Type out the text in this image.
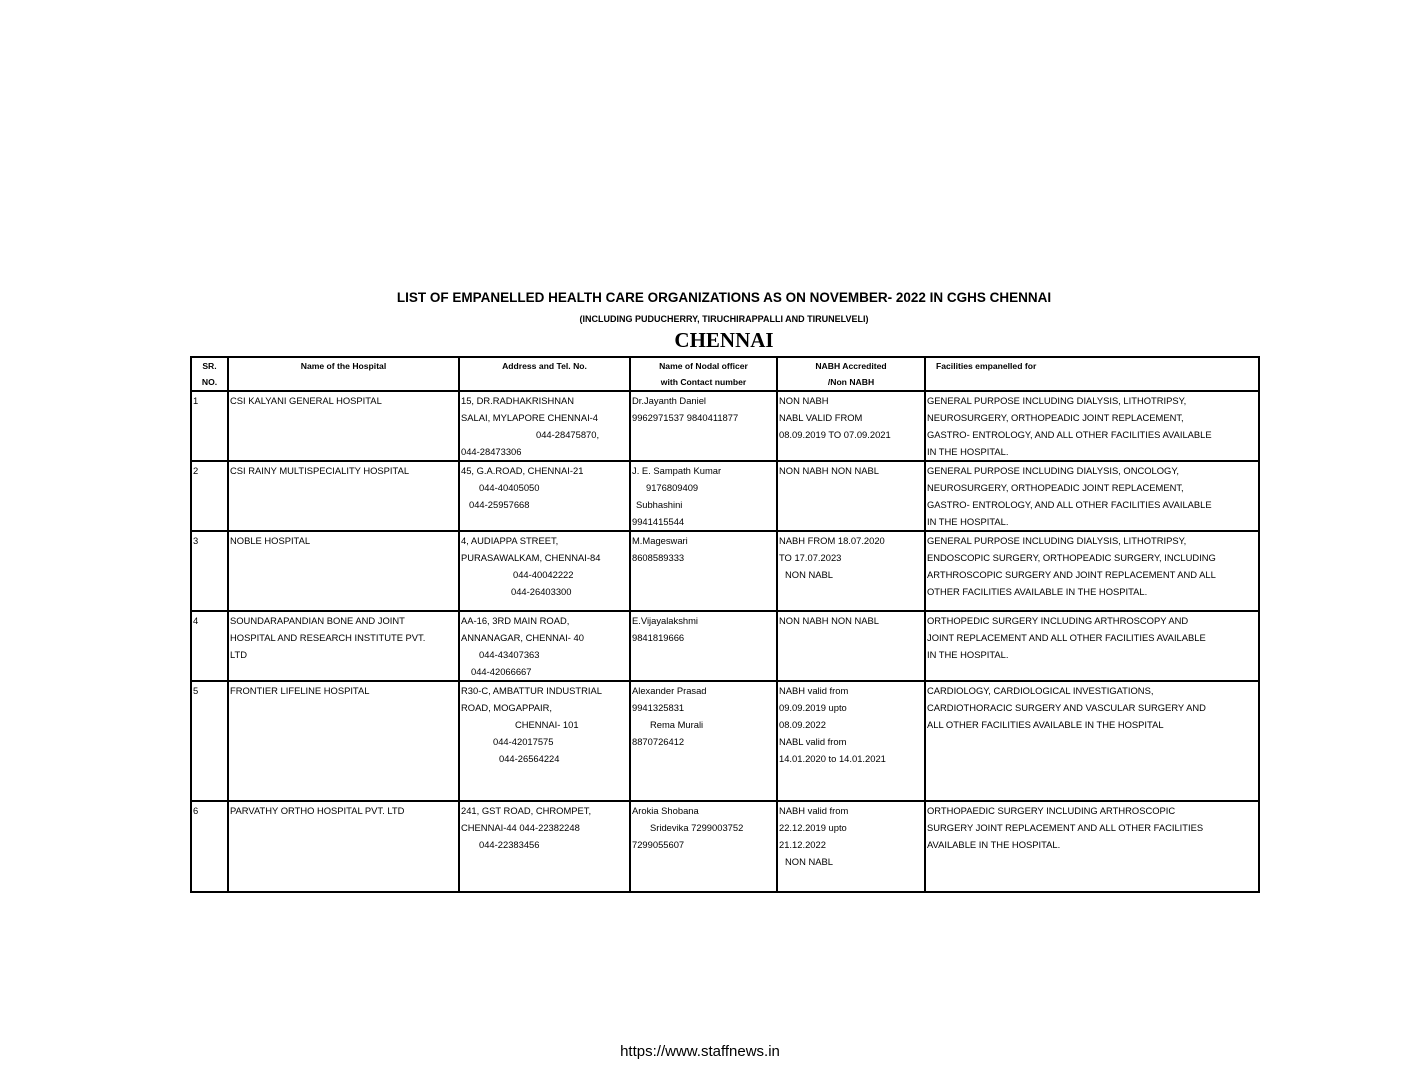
LIST OF EMPANELLED HEALTH CARE ORGANIZATIONS AS ON NOVEMBER- 2022 IN CGHS CHENNAI
(INCLUDING PUDUCHERRY, TIRUCHIRAPPALLI AND TIRUNELVELI)
CHENNAI
SR.
NO.	Name of the Hospital	Address and Tel. No.	Name of Nodal officer
with Contact number	NABH Accredited
/Non NABH	Facilities empanelled for

1	CSI KALYANI GENERAL HOSPITAL	15, DR.RADHAKRISHNAN
SALAI, MYLAPORE CHENNAI-4
044-28475870,
044-28473306	Dr.Jayanth Daniel
9962971537 9840411877	NON NABH
NABL VALID FROM
08.09.2019 TO 07.09.2021	GENERAL PURPOSE INCLUDING DIALYSIS, LITHOTRIPSY,
NEUROSURGERY, ORTHOPEADIC JOINT REPLACEMENT,
GASTRO- ENTROLOGY, AND ALL OTHER FACILITIES AVAILABLE
IN THE HOSPITAL.

2	CSI RAINY MULTISPECIALITY HOSPITAL	45, G.A.ROAD, CHENNAI-21
044-40405050
044-25957668	J. E. Sampath Kumar
9176809409
Subhashini
9941415544	NON NABH NON NABL	GENERAL PURPOSE INCLUDING DIALYSIS, ONCOLOGY,
NEUROSURGERY, ORTHOPEADIC JOINT REPLACEMENT,
GASTRO- ENTROLOGY, AND ALL OTHER FACILITIES AVAILABLE
IN THE HOSPITAL.

3	NOBLE HOSPITAL	4, AUDIAPPA STREET,
PURASAWALKAM, CHENNAI-84
044-40042222
044-26403300	M.Mageswari
8608589333	NABH FROM 18.07.2020
TO 17.07.2023
NON NABL	GENERAL PURPOSE INCLUDING DIALYSIS, LITHOTRIPSY,
ENDOSCOPIC SURGERY, ORTHOPEADIC SURGERY, INCLUDING
ARTHROSCOPIC SURGERY AND JOINT REPLACEMENT AND ALL
OTHER FACILITIES AVAILABLE IN THE HOSPITAL.

4	SOUNDARAPANDIAN BONE AND JOINT
HOSPITAL AND RESEARCH INSTITUTE PVT.
LTD	AA-16, 3RD MAIN ROAD,
ANNANAGAR, CHENNAI- 40
044-43407363
044-42066667	E.Vijayalakshmi
9841819666	NON NABH NON NABL	ORTHOPEDIC SURGERY INCLUDING ARTHROSCOPY AND
JOINT REPLACEMENT AND ALL OTHER FACILITIES AVAILABLE
IN THE HOSPITAL.

5	FRONTIER LIFELINE HOSPITAL	R30-C, AMBATTUR INDUSTRIAL
ROAD, MOGAPPAIR,
CHENNAI- 101
044-42017575
044-26564224	Alexander Prasad
9941325831
Rema Murali
8870726412	NABH valid from
09.09.2019 upto
08.09.2022
NABL valid from
14.01.2020 to 14.01.2021	CARDIOLOGY, CARDIOLOGICAL INVESTIGATIONS,
CARDIOTHORACIC SURGERY AND VASCULAR SURGERY AND
ALL OTHER FACILITIES AVAILABLE IN THE HOSPITAL

6	PARVATHY ORTHO HOSPITAL PVT. LTD	241, GST ROAD, CHROMPET,
CHENNAI-44 044-22382248
044-22383456	Arokia Shobana
Sridevika 7299003752
7299055607	NABH valid from
22.12.2019 upto
21.12.2022
NON NABL	ORTHOPAEDIC SURGERY INCLUDING ARTHROSCOPIC
SURGERY JOINT REPLACEMENT AND ALL OTHER FACILITIES
AVAILABLE IN THE HOSPITAL.
https://www.staffnews.in
